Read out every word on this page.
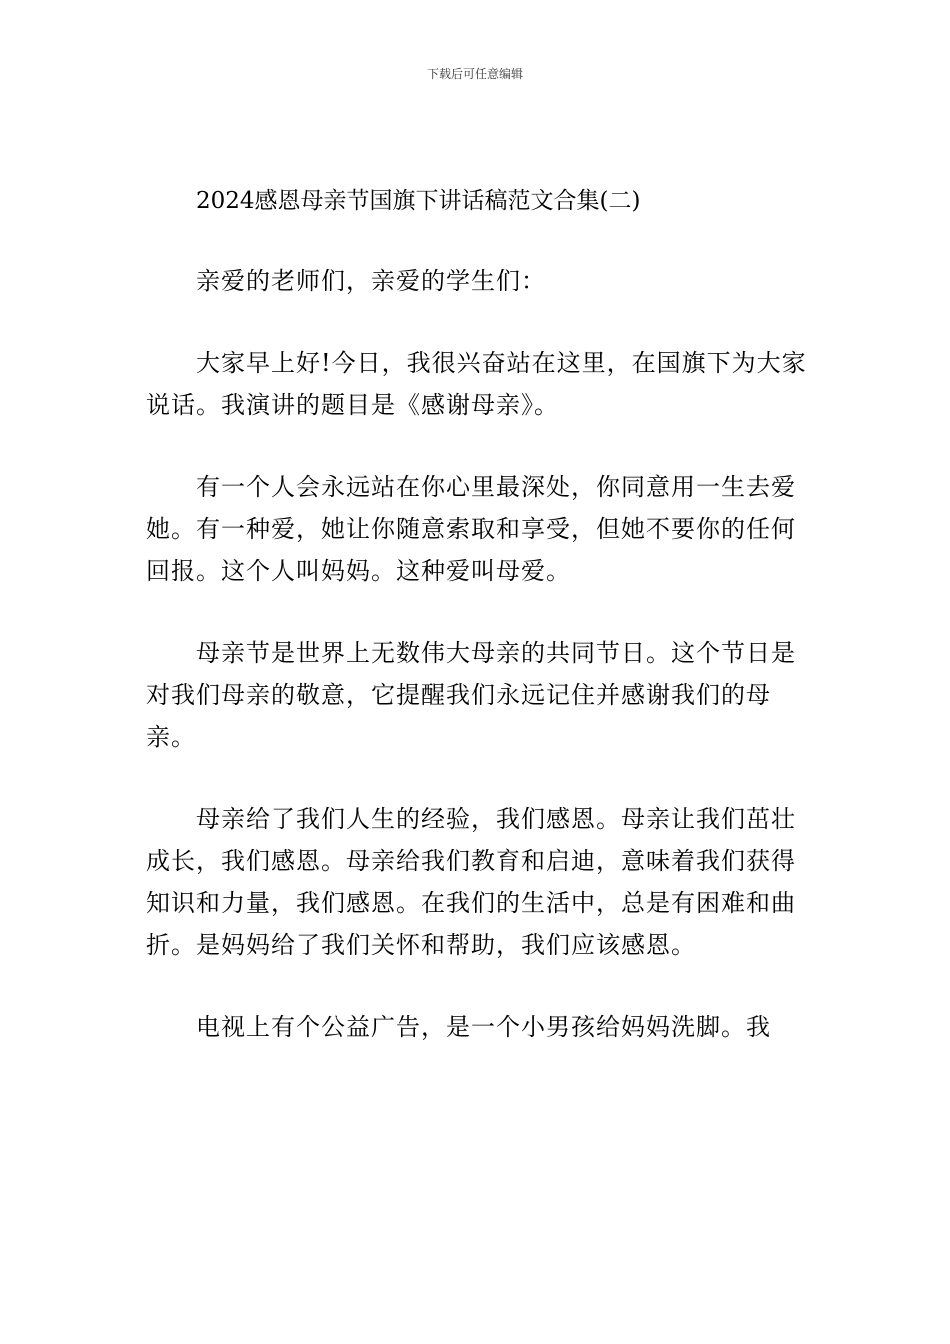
下载后可任意编辑
2024感恩母亲节国旗下讲话稿范文合集(二)

亲爱的老师们，亲爱的学生们：

大家早上好!今日，我很兴奋站在这里，在国旗下为大家说话。我演讲的题目是《感谢母亲》。

有一个人会永远站在你心里最深处，你同意用一生去爱她。有一种爱，她让你随意索取和享受，但她不要你的任何回报。这个人叫妈妈。这种爱叫母爱。

母亲节是世界上无数伟大母亲的共同节日。这个节日是对我们母亲的敬意，它提醒我们永远记住并感谢我们的母亲。

母亲给了我们人生的经验，我们感恩。母亲让我们茁壮成长，我们感恩。母亲给我们教育和启迪，意味着我们获得知识和力量，我们感恩。在我们的生活中，总是有困难和曲折。是妈妈给了我们关怀和帮助，我们应该感恩。

电视上有个公益广告，是一个小男孩给妈妈洗脚。我
